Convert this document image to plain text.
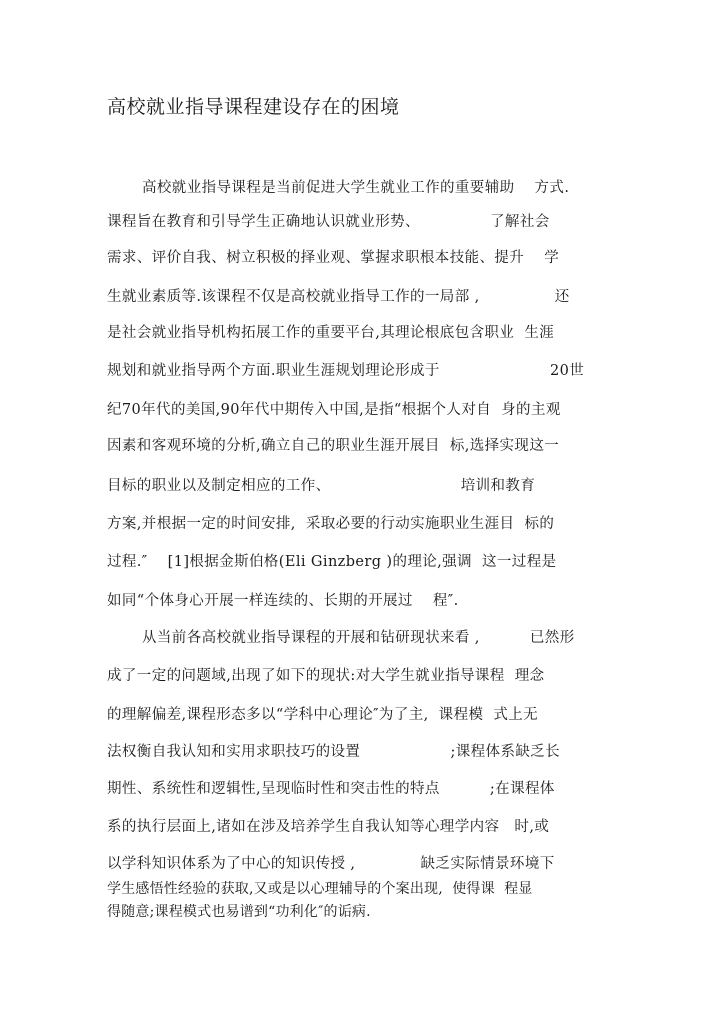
高校就业指导课程建设存在的困境
高校就业指导课程是当前促进大学生就业工作的重要辅助    方式.
课程旨在教育和引导学生正确地认识就业形势、              了解社会
需求、评价自我、树立积极的择业观、掌握求职根本技能、提升    学
生就业素质等.该课程不仅是高校就业指导工作的一局部 ,               还
是社会就业指导机构拓展工作的重要平台,其理论根底包含职业  生涯
规划和就业指导两个方面.职业生涯规划理论形成于                      20世
纪70年代的美国,90年代中期传入中国,是指“根据个人对自  身的主观
因素和客观环境的分析,确立自己的职业生涯开展目  标,选择实现这一
目标的职业以及制定相应的工作、                          培训和教育
方案,并根据一定的时间安排,  采取必要的行动实施职业生涯目  标的
过程.″    [1]根据金斯伯格(Eli Ginzberg )的理论,强调  这一过程是
如同“个体身心开展一样连续的、长期的开展过    程″.
从当前各高校就业指导课程的开展和钻研现状来看 ,          已然形
成了一定的问题域,出现了如下的现状:对大学生就业指导课程  理念
的理解偏差,课程形态多以“学科中心理论″为了主,  课程模  式上无
法权衡自我认知和实用求职技巧的设置                  ;课程体系缺乏长
期性、系统性和逻辑性,呈现临时性和突击性的特点          ;在课程体
系的执行层面上,诸如在涉及培养学生自我认知等心理学内容   时,或
以学科知识体系为了中心的知识传授 ,             缺乏实际情景环境下
学生感悟性经验的获取,又或是以心理辅导的个案出现,  使得课  程显
得随意;课程模式也易谱到“功利化″的诟病.
